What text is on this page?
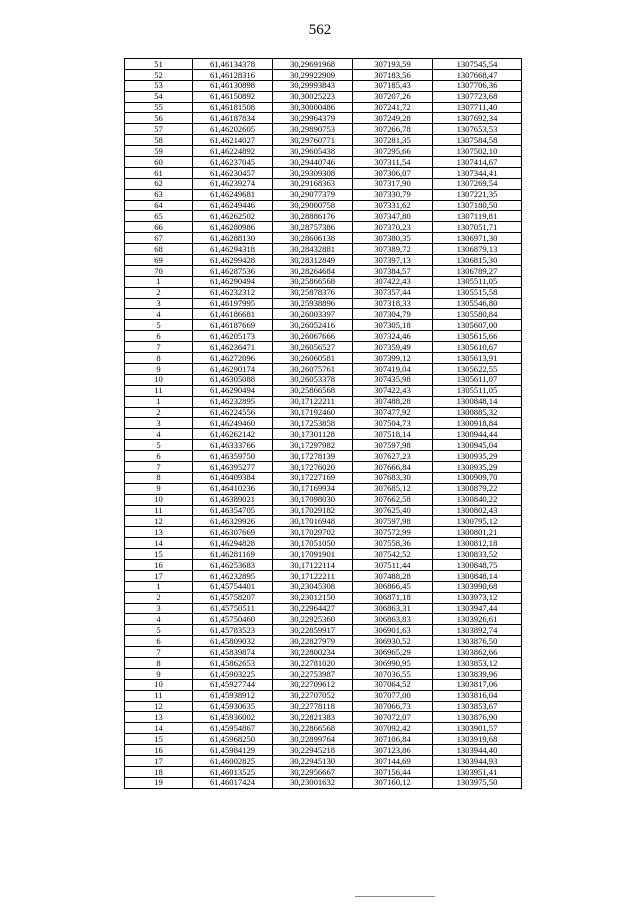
562
51	61,46134378	30,29691968	307193,59	1307545,54
52	61,46128316	30,29922909	307183,56	1307668,47
53	61,46130898	30,29993843	307185,43	1307706,36
54	61,46150892	30,30025223	307207,26	1307723,68
55	61,46181508	30,30000486	307241,72	1307711,40
56	61,46187834	30,29964379	307249,28	1307692,34
57	61,46202605	30,29890753	307266,78	1307653,53
58	61,46214027	30,29760771	307281,35	1307584,58
59	61,46224892	30,29605438	307295,66	1307502,10
60	61,46237045	30,29440746	307311,54	1307414,67
61	61,46230457	30,29309308	307306,07	1307344,41
62	61,46239274	30,29168363	307317,90	1307269,54
63	61,46249681	30,29077379	307330,79	1307221,35
64	61,46249446	30,29000758	307331,62	1307180,50
65	61,46262502	30,28886176	307347,80	1307119,81
66	61,46280986	30,28757386	307370,23	1307051,71
67	61,46288130	30,28606138	307380,35	1306971,30
68	61,46294318	30,28432881	307389,72	1306879,13
69	61,46299428	30,28312849	307397,13	1306815,30
70	61,46287536	30,28264684	307384,57	1306789,27
1	61,46290494	30,25866568	307422,43	1305511,05
2	61,46232312	30,25878376	307357,44	1305515,58
3	61,46197995	30,25938896	307318,33	1305546,80
4	61,46186681	30,26003397	307304,79	1305580,84
5	61,46187669	30,26052416	307305,18	1305607,00
6	61,46205173	30,26067666	307324,46	1305615,66
7	61,46236471	30,26056527	307359,49	1305610,67
8	61,46272096	30,26060581	307399,12	1305613,91
9	61,46290174	30,26075761	307419,04	1305622,55
10	61,46305088	30,26053378	307435,98	1305611,07
11	61,46290494	30,25866568	307422,43	1305511,05
1	61,46232895	30,17122211	307488,28	1300848,14
2	61,46224556	30,17192460	307477,92	1300885,32
3	61,46249460	30,17253858	307504,73	1300918,84
4	61,46262142	30,17301128	307518,14	1300944,44
5	61,46333766	30,17297982	307597,98	1300945,04
6	61,46359750	30,17278139	307627,23	1300935,29
7	61,46395277	30,17276020	307666,84	1300935,29
8	61,46409384	30,17227169	307683,30	1300909,70
9	61,46410236	30,17169934	307685,12	1300879,22
10	61,46389021	30,17098030	307662,58	1300840,22
11	61,46354705	30,17029182	307625,40	1300802,43
12	61,46329926	30,17016948	307597,98	1300795,12
13	61,46307669	30,17029702	307572,99	1300801,21
14	61,46294828	30,17051050	307558,36	1300812,18
15	61,46281169	30,17091901	307542,52	1300833,52
16	61,46253683	30,17122114	307511,44	1300848,75
17	61,46232895	30,17122211	307488,28	1300848,14
1	61,45754401	30,23045308	306866,45	1303990,68
2	61,45758207	30,23012150	306871,18	1303973,12
3	61,45750511	30,22964427	306863,31	1303947,44
4	61,45750460	30,22925360	306863,83	1303926,61
5	61,45783523	30,22859917	306901,63	1303892,74
6	61,45809032	30,22827979	306930,52	1303876,50
7	61,45839874	30,22800234	306965,29	1303862,66
8	61,45862653	30,22781020	306990,95	1303853,12
9	61,45903225	30,22753987	307036,55	1303839,96
10	61,45927744	30,22709612	307064,52	1303817,06
11	61,45938912	30,22707052	307077,00	1303816,04
12	61,45930635	30,22778118	307066,73	1303853,67
13	61,45936002	30,22821383	307072,07	1303876,90
14	61,45954867	30,22866568	307092,42	1303901,57
15	61,45968250	30,22899764	307106,84	1303919,68
16	61,45984129	30,22945218	307123,86	1303944,40
17	61,46002825	30,22945130	307144,69	1303944,93
18	61,46013525	30,22956667	307156,44	1303951,41
19	61,46017424	30,23001632	307160,12	1303975,50
